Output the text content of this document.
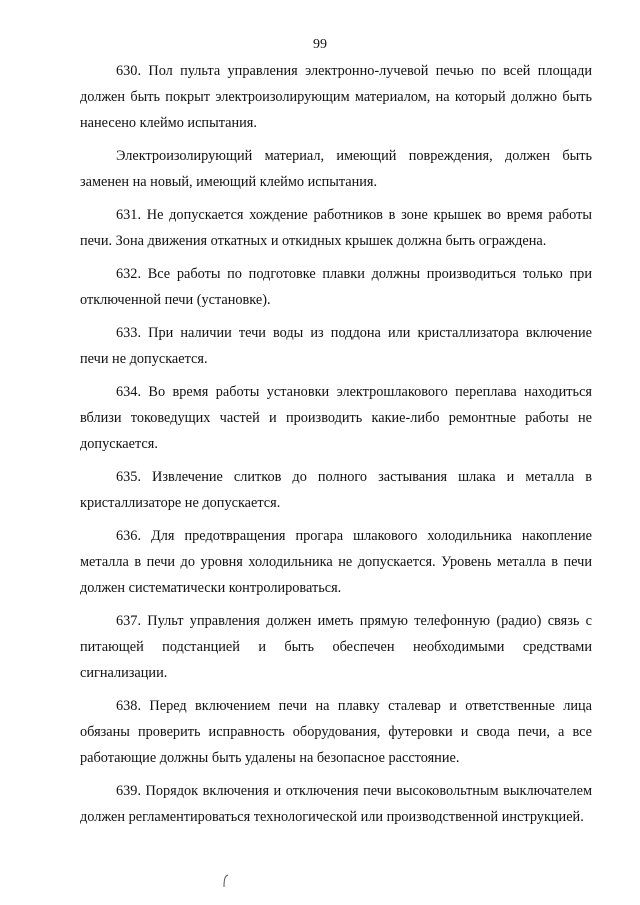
99

630. Пол пульта управления электронно-лучевой печью по всей площади должен быть покрыт электроизолирующим материалом, на который должно быть нанесено клеймо испытания.

Электроизолирующий материал, имеющий повреждения, должен быть заменен на новый, имеющий клеймо испытания.

631. Не допускается хождение работников в зоне крышек во время работы печи. Зона движения откатных и откидных крышек должна быть ограждена.

632. Все работы по подготовке плавки должны производиться только при отключенной печи (установке).

633. При наличии течи воды из поддона или кристаллизатора включение печи не допускается.

634. Во время работы установки электрошлакового переплава находиться вблизи токоведущих частей и производить какие-либо ремонтные работы не допускается.

635. Извлечение слитков до полного застывания шлака и металла в кристаллизаторе не допускается.

636. Для предотвращения прогара шлакового холодильника накопление металла в печи до уровня холодильника не допускается. Уровень металла в печи должен систематически контролироваться.

637. Пульт управления должен иметь прямую телефонную (радио) связь с питающей подстанцией и быть обеспечен необходимыми средствами сигнализации.

638. Перед включением печи на плавку сталевар и ответственные лица обязаны проверить исправность оборудования, футеровки и свода печи, а все работающие должны быть удалены на безопасное расстояние.

639. Порядок включения и отключения печи высоковольтным выключателем должен регламентироваться технологической или производственной инструкцией.
